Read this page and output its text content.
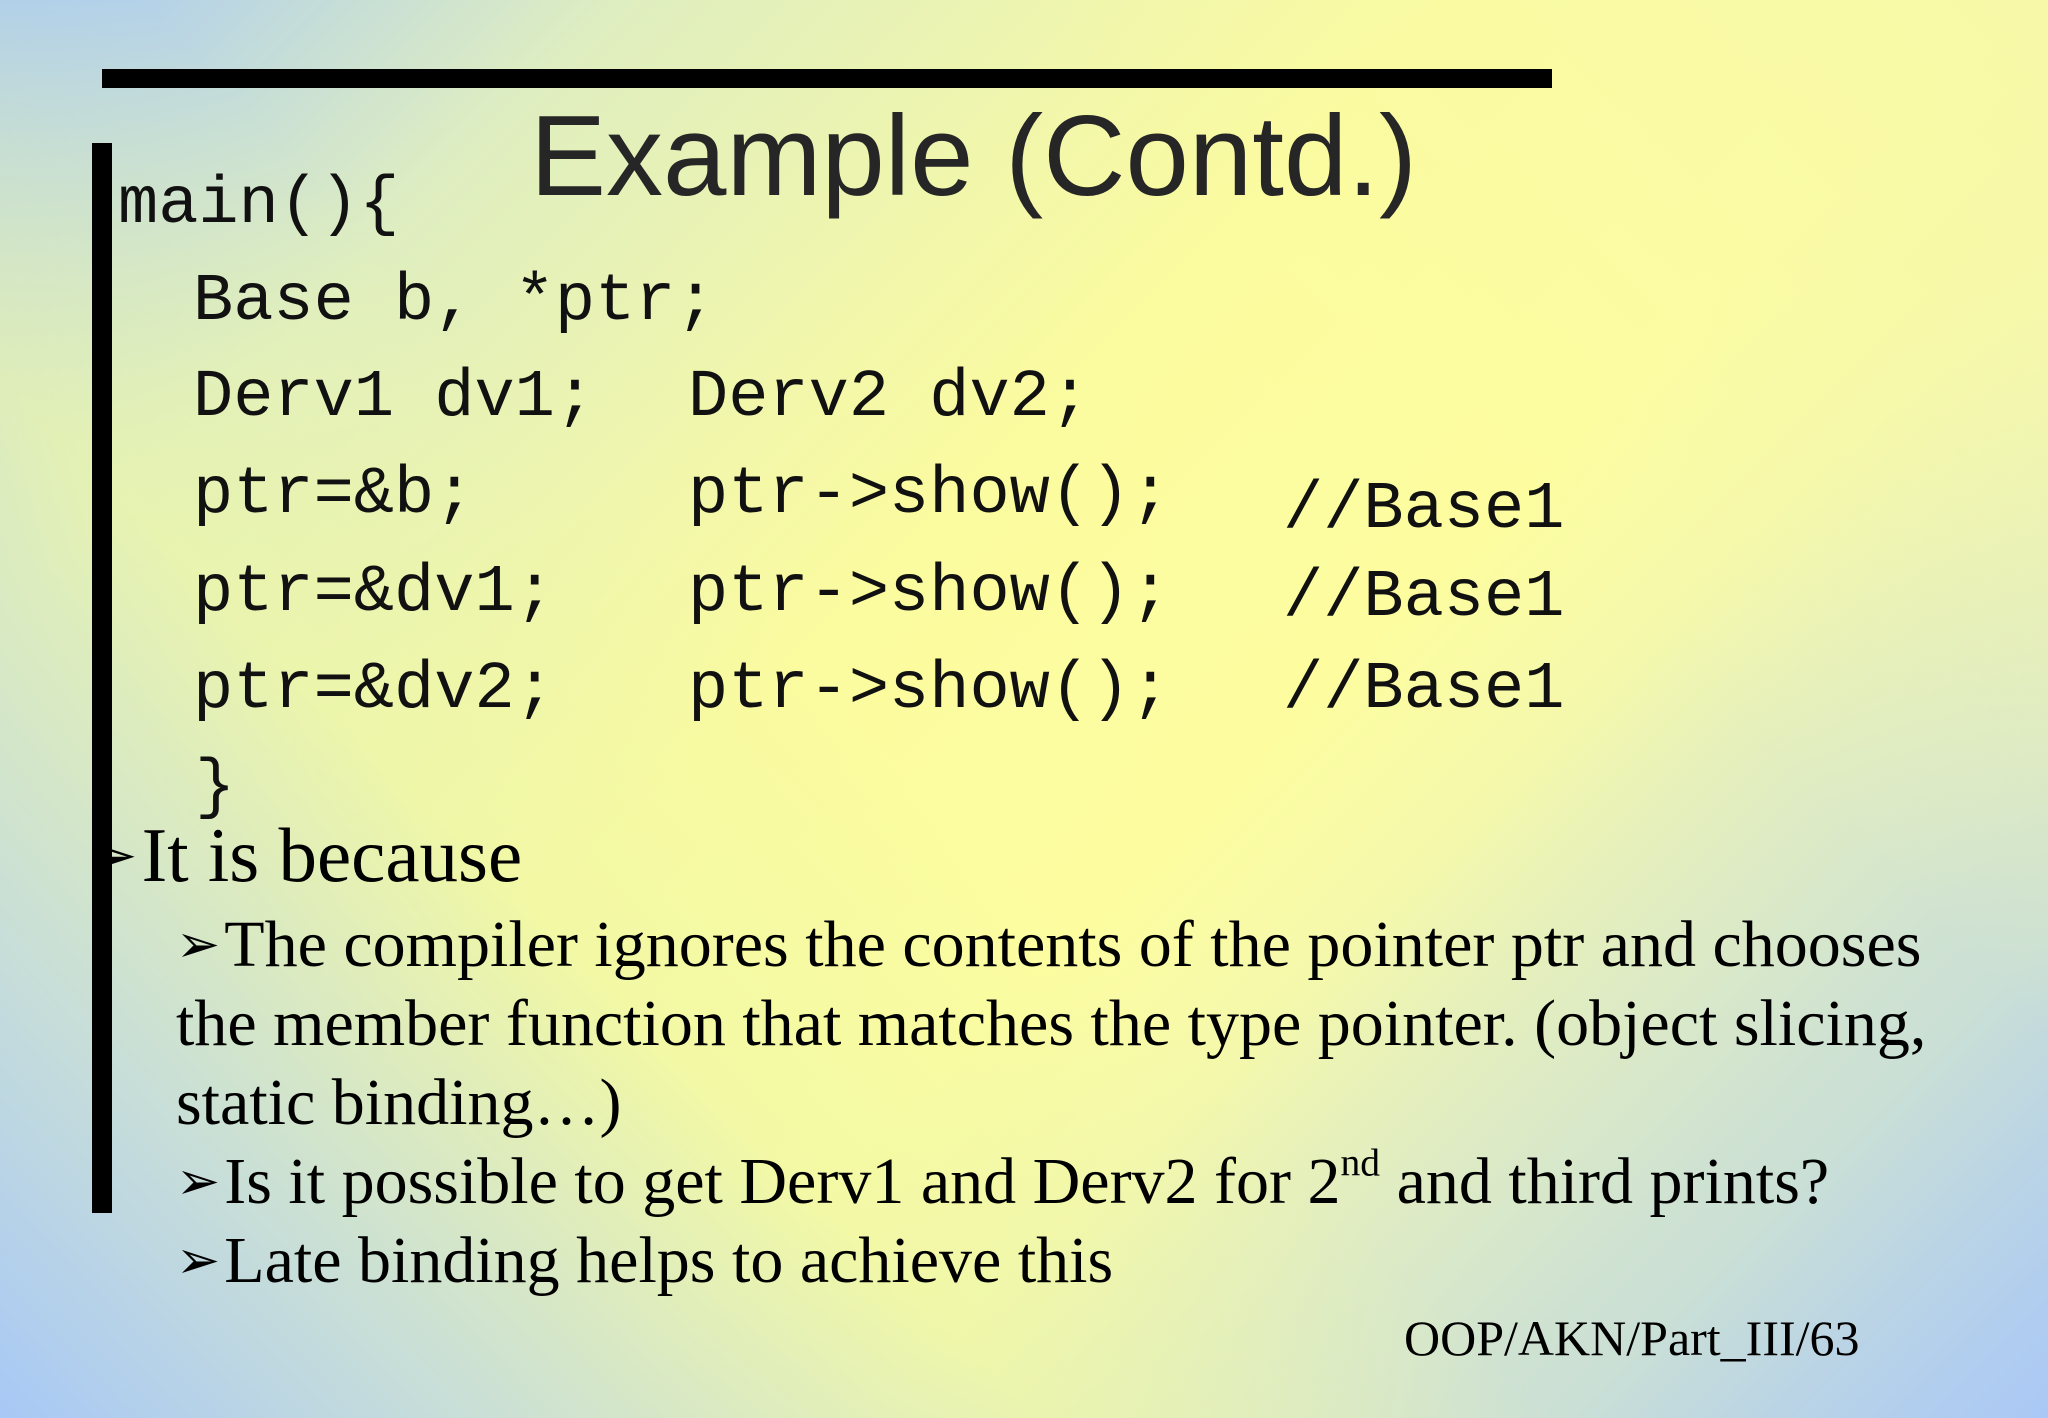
Example (Contd.)
main(){
Base b, *ptr;
Derv1 dv1; Derv2 dv2;
ptr=&b;	ptr->show(); //Base1
ptr=&dv1; ptr->show(); //Base1
ptr=&dv2; ptr->show(); //Base1
}
➢It is because
➢The compiler ignores the contents of the pointer ptr and chooses the member function that matches the type pointer. (object slicing, static binding…)
➢Is it possible to get Derv1 and Derv2 for 2nd and third prints?
➢Late binding helps to achieve this
OOP/AKN/Part_III/63
